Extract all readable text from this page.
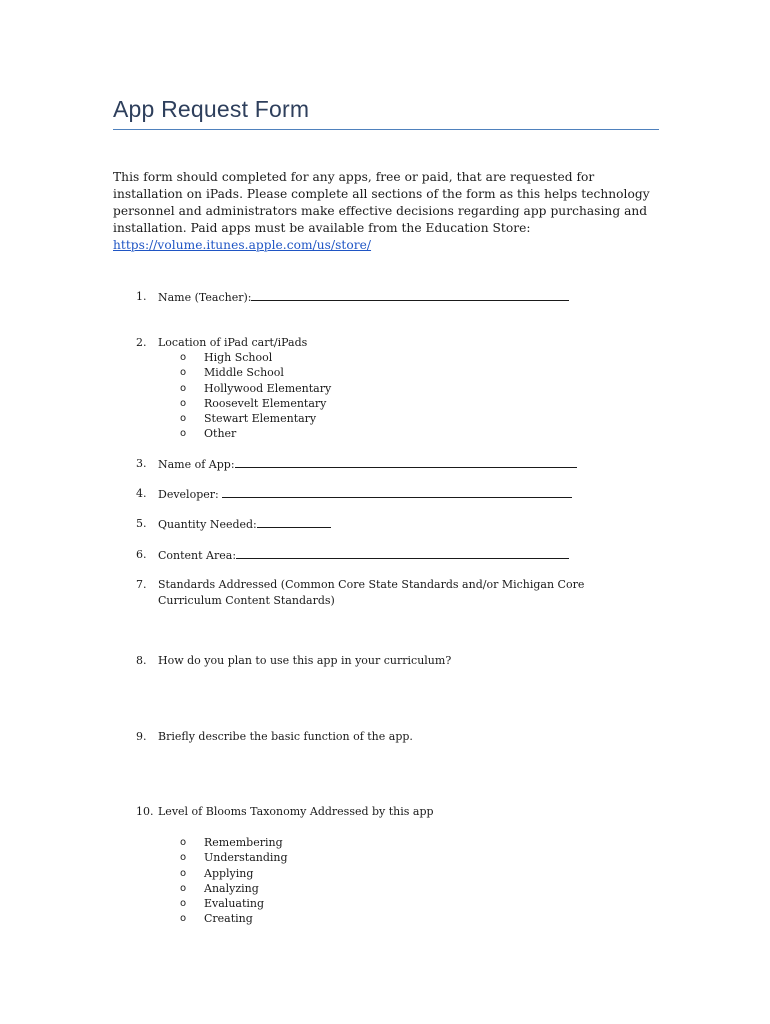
App Request Form
This form should completed for any apps, free or paid, that are requested for installation on iPads. Please complete all sections of the form as this helps technology personnel and administrators make effective decisions regarding app purchasing and installation. Paid apps must be available from the Education Store:
https://volume.itunes.apple.com/us/store/
1. Name (Teacher):
2. Location of iPad cart/iPads
o High School
o Middle School
o Hollywood Elementary
o Roosevelt Elementary
o Stewart Elementary
o Other
3. Name of App:
4. Developer:
5. Quantity Needed:
6. Content Area:
7. Standards Addressed (Common Core State Standards and/or Michigan Core Curriculum Content Standards)
8. How do you plan to use this app in your curriculum?
9. Briefly describe the basic function of the app.
10. Level of Blooms Taxonomy Addressed by this app
o Remembering
o Understanding
o Applying
o Analyzing
o Evaluating
o Creating
